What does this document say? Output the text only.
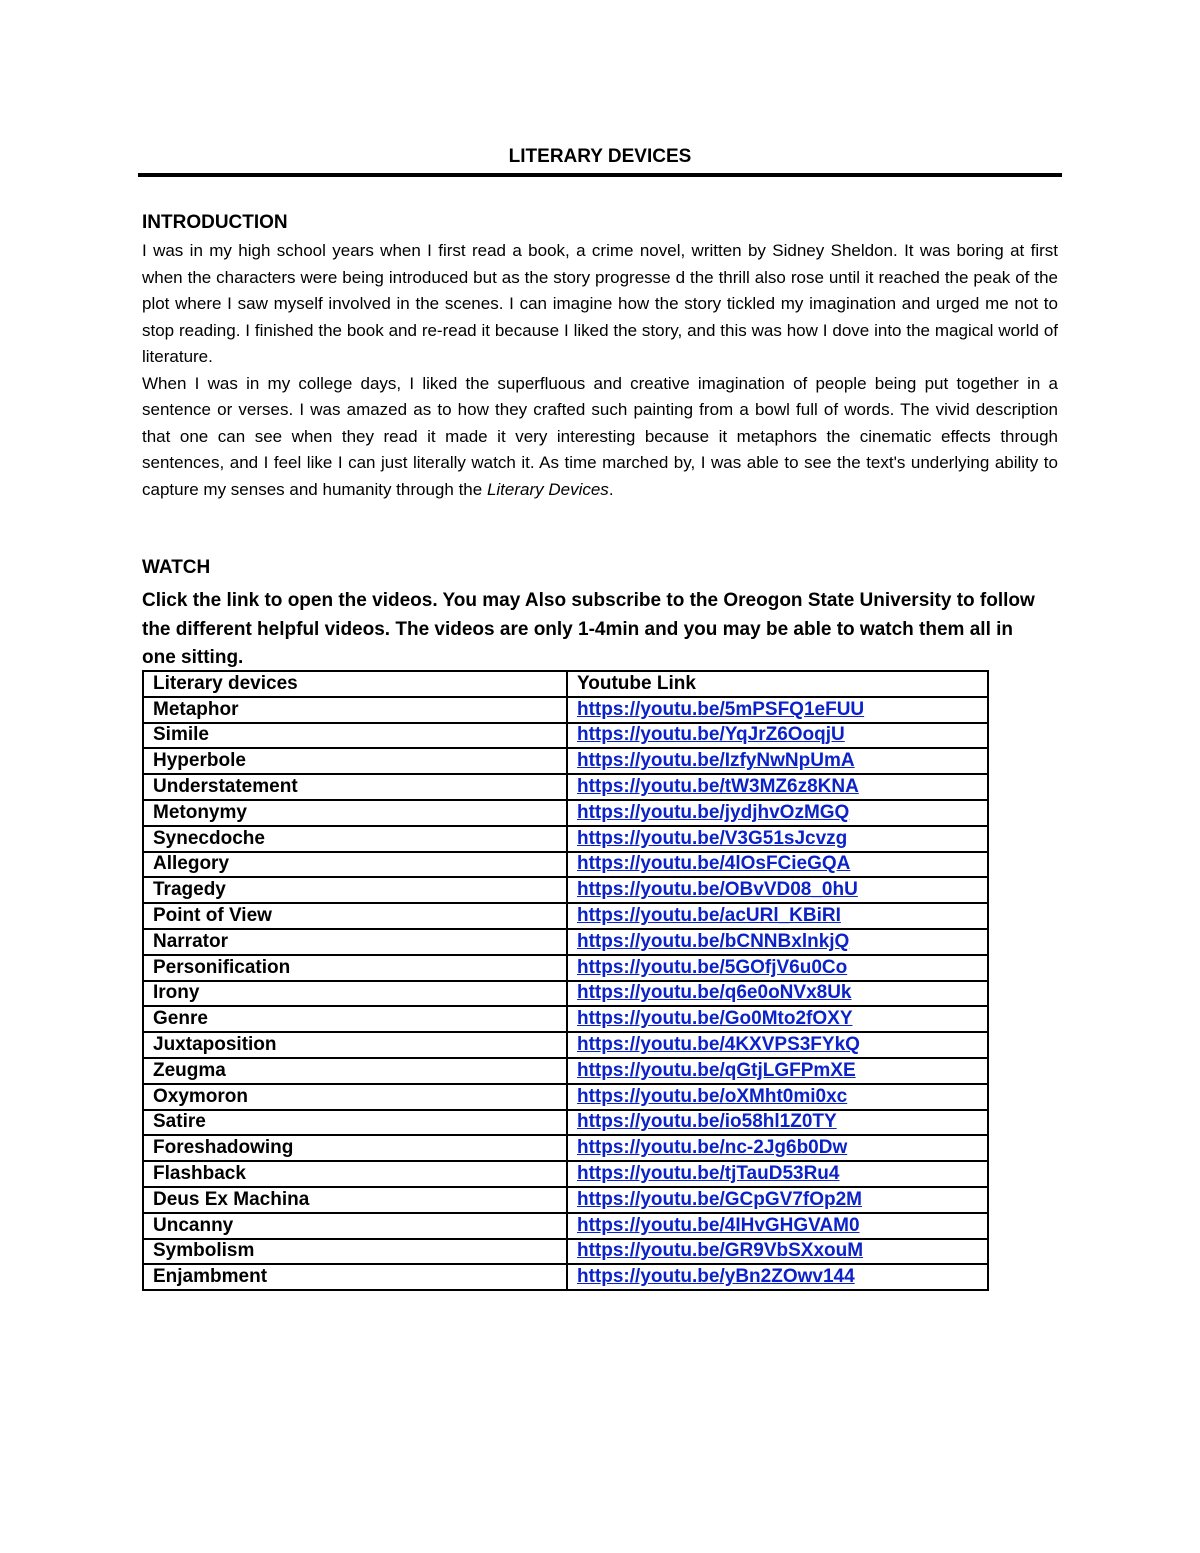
LITERARY DEVICES
INTRODUCTION

I was in my high school years when I first read a book, a crime novel, written by Sidney Sheldon. It was boring at first when the characters were being introduced but as the story progresse d the thrill also rose until it reached the peak of the plot where I saw myself involved in the scenes. I can imagine how the story tickled my imagination and urged me not to stop reading. I finished the book and re-read it because I liked the story, and this was how I dove into the magical world of literature.

When I was in my college days, I liked the superfluous and creative imagination of people being put together in a sentence or verses. I was amazed as to how they crafted such painting from a bowl full of words. The vivid description that one can see when they read it made it very interesting because it metaphors the cinematic effects through sentences, and I feel like I can just literally watch it. As time marched by, I was able to see the text's underlying ability to capture my senses and humanity through the Literary Devices.

WATCH
Click the link to open the videos. You may Also subscribe to the Oreogon State University to follow the different helpful videos. The videos are only 1-4min and you may be able to watch them all in one sitting.
Literary devices	Youtube Link
Metaphor	https://youtu.be/5mPSFQ1eFUU
Simile	https://youtu.be/YqJrZ6OoqjU
Hyperbole	https://youtu.be/IzfyNwNpUmA
Understatement	https://youtu.be/tW3MZ6z8KNA
Metonymy	https://youtu.be/jydjhvOzMGQ
Synecdoche	https://youtu.be/V3G51sJcvzg
Allegory	https://youtu.be/4lOsFCieGQA
Tragedy	https://youtu.be/OBvVD08_0hU
Point of View	https://youtu.be/acURl_KBiRI
Narrator	https://youtu.be/bCNNBxlnkjQ
Personification	https://youtu.be/5GOfjV6u0Co
Irony	https://youtu.be/q6e0oNVx8Uk
Genre	https://youtu.be/Go0Mto2fOXY
Juxtaposition	https://youtu.be/4KXVPS3FYkQ
Zeugma	https://youtu.be/qGtjLGFPmXE
Oxymoron	https://youtu.be/oXMht0mi0xc
Satire	https://youtu.be/io58hl1Z0TY
Foreshadowing	https://youtu.be/nc-2Jg6b0Dw
Flashback	https://youtu.be/tjTauD53Ru4
Deus Ex Machina	https://youtu.be/GCpGV7fOp2M
Uncanny	https://youtu.be/4IHvGHGVAM0
Symbolism	https://youtu.be/GR9VbSXxouM
Enjambment	https://youtu.be/yBn2ZOwv144
